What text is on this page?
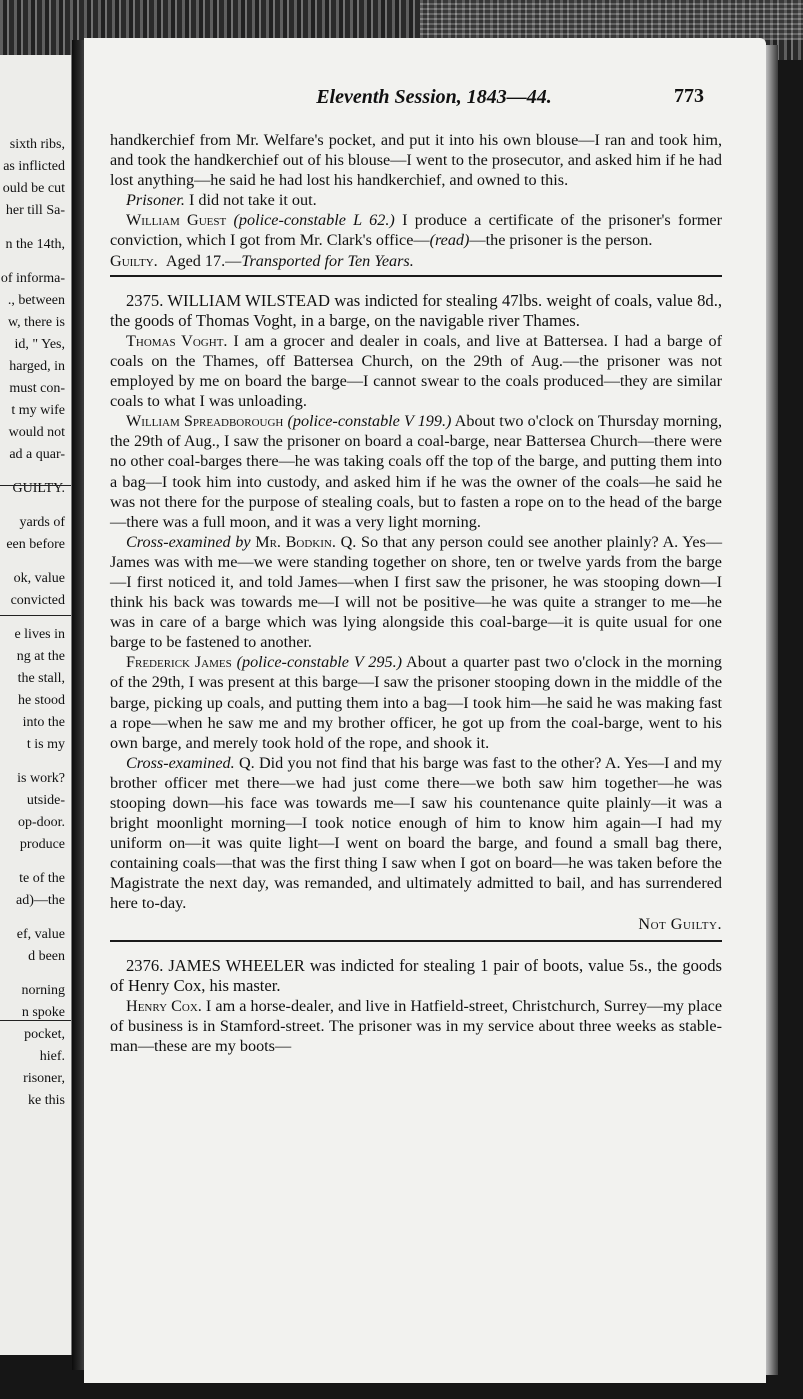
sixth ribs,
as inflicted
ould be cut
her till Sa-
n the 14th,
of informa-
., between
w, there is
id, " Yes,
harged, in
must con-
t my wife
would not
ad a quar-
GUILTY.
yards of
een before
ok, value
convicted
e lives in
ng at the
the stall,
he stood
into the
t is my
is work?
utside-
op-door.
produce
te of the
ad)—the
ef, value
d been
norning
n spoke
pocket,
hief.
risoner,
ke this
Eleventh Session, 1843—44.	773

handkerchief from Mr. Welfare's pocket, and put it into his own blouse—I ran and took him, and took the handkerchief out of his blouse—I went to the prosecutor, and asked him if he had lost anything—he said he had lost his handkerchief, and owned to this.

Prisoner. I did not take it out.

William Guest (police-constable L 62.) I produce a certificate of the prisoner's former conviction, which I got from Mr. Clark's office—(read)—the prisoner is the person.

Guilty. Aged 17.—Transported for Ten Years.

2375. WILLIAM WILSTEAD was indicted for stealing 47lbs. weight of coals, value 8d., the goods of Thomas Voght, in a barge, on the navigable river Thames.

Thomas Voght. I am a grocer and dealer in coals, and live at Battersea. I had a barge of coals on the Thames, off Battersea Church, on the 29th of Aug.—the prisoner was not employed by me on board the barge—I cannot swear to the coals produced—they are similar coals to what I was unloading.

William Spreadborough (police-constable V 199.) About two o'clock on Thursday morning, the 29th of Aug., I saw the prisoner on board a coal-barge, near Battersea Church—there were no other coal-barges there—he was taking coals off the top of the barge, and putting them into a bag—I took him into custody, and asked him if he was the owner of the coals—he said he was not there for the purpose of stealing coals, but to fasten a rope on to the head of the barge—there was a full moon, and it was a very light morning.

Cross-examined by Mr. Bodkin. Q. So that any person could see another plainly? A. Yes—James was with me—we were standing together on shore, ten or twelve yards from the barge—I first noticed it, and told James—when I first saw the prisoner, he was stooping down—I think his back was towards me—I will not be positive—he was quite a stranger to me—he was in care of a barge which was lying alongside this coal-barge—it is quite usual for one barge to be fastened to another.

Frederick James (police-constable V 295.) About a quarter past two o'clock in the morning of the 29th, I was present at this barge—I saw the prisoner stooping down in the middle of the barge, picking up coals, and putting them into a bag—I took him—he said he was making fast a rope—when he saw me and my brother officer, he got up from the coal-barge, went to his own barge, and merely took hold of the rope, and shook it.

Cross-examined. Q. Did you not find that his barge was fast to the other? A. Yes—I and my brother officer met there—we had just come there—we both saw him together—he was stooping down—his face was towards me—I saw his countenance quite plainly—it was a bright moonlight morning—I took notice enough of him to know him again—I had my uniform on—it was quite light—I went on board the barge, and found a small bag there, containing coals—that was the first thing I saw when I got on board—he was taken before the Magistrate the next day, was remanded, and ultimately admitted to bail, and has surrendered here to-day.

Not Guilty.

2376. JAMES WHEELER was indicted for stealing 1 pair of boots, value 5s., the goods of Henry Cox, his master.

Henry Cox. I am a horse-dealer, and live in Hatfield-street, Christchurch, Surrey—my place of business is in Stamford-street. The prisoner was in my service about three weeks as stable-man—these are my boots—
